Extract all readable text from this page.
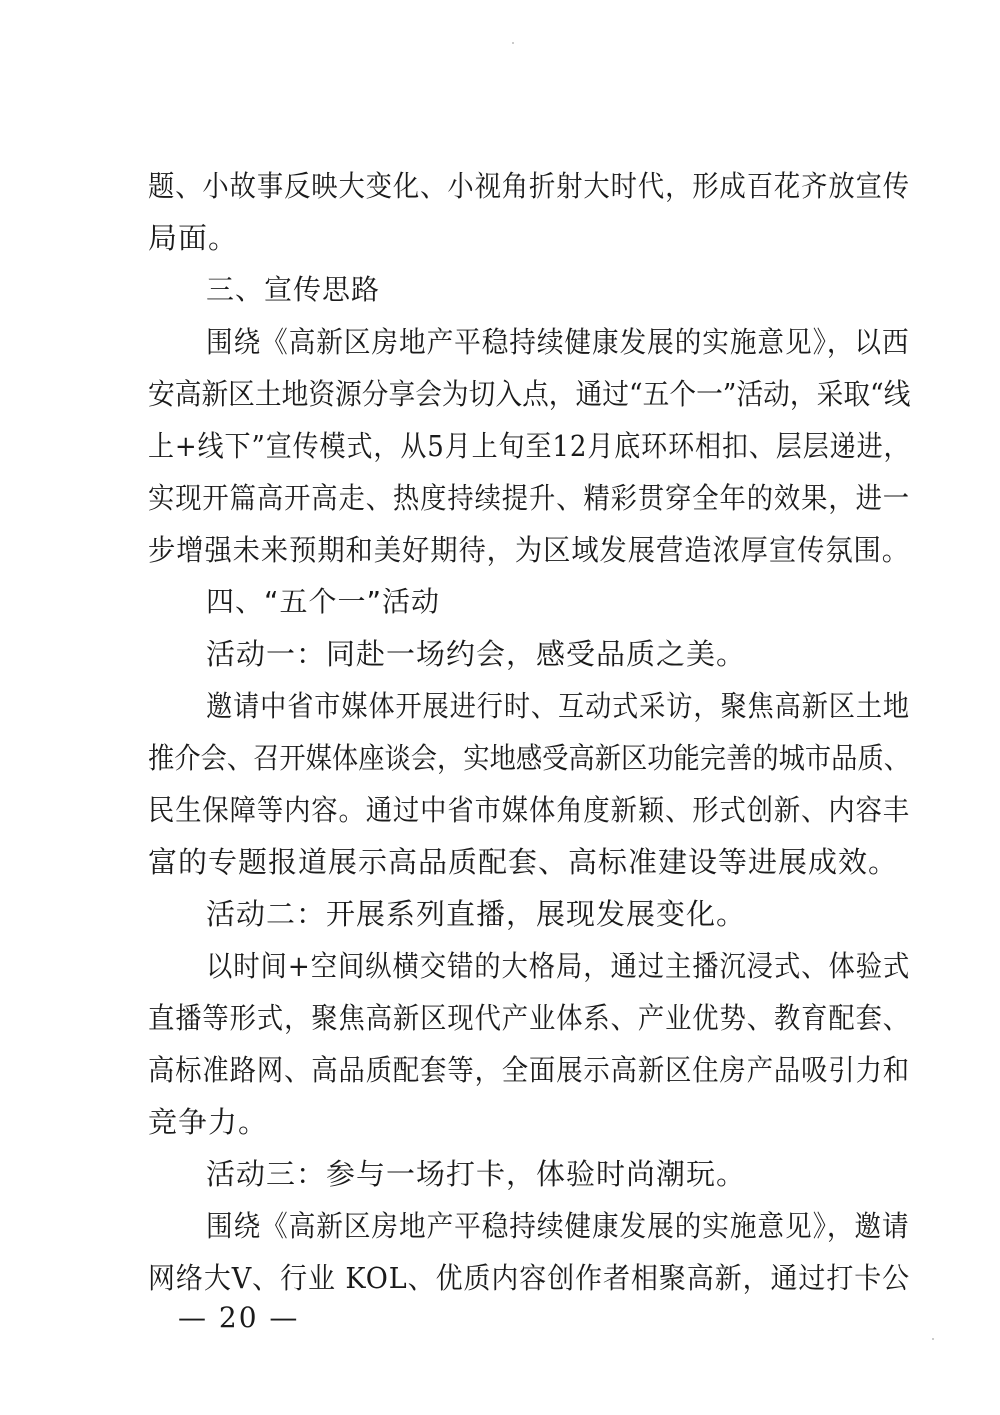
题、小故事反映大变化、小视角折射大时代，形成百花齐放宣传
局面。
三、宣传思路
围绕《高新区房地产平稳持续健康发展的实施意见》，以西
安高新区土地资源分享会为切入点，通过“五个一”活动，采取“线
上+线下”宣传模式，从5月上旬至12月底环环相扣、层层递进，
实现开篇高开高走、热度持续提升、精彩贯穿全年的效果，进一
步增强未来预期和美好期待，为区域发展营造浓厚宣传氛围。
四、“五个一”活动
活动一：同赴一场约会，感受品质之美。
邀请中省市媒体开展进行时、互动式采访，聚焦高新区土地
推介会、召开媒体座谈会，实地感受高新区功能完善的城市品质、
民生保障等内容。通过中省市媒体角度新颖、形式创新、内容丰
富的专题报道展示高品质配套、高标准建设等进展成效。
活动二：开展系列直播，展现发展变化。
以时间+空间纵横交错的大格局，通过主播沉浸式、体验式
直播等形式，聚焦高新区现代产业体系、产业优势、教育配套、
高标准路网、高品质配套等，全面展示高新区住房产品吸引力和
竞争力。
活动三：参与一场打卡，体验时尚潮玩。
围绕《高新区房地产平稳持续健康发展的实施意见》，邀请
网络大V、行业 KOL、优质内容创作者相聚高新，通过打卡公
— 20 —
